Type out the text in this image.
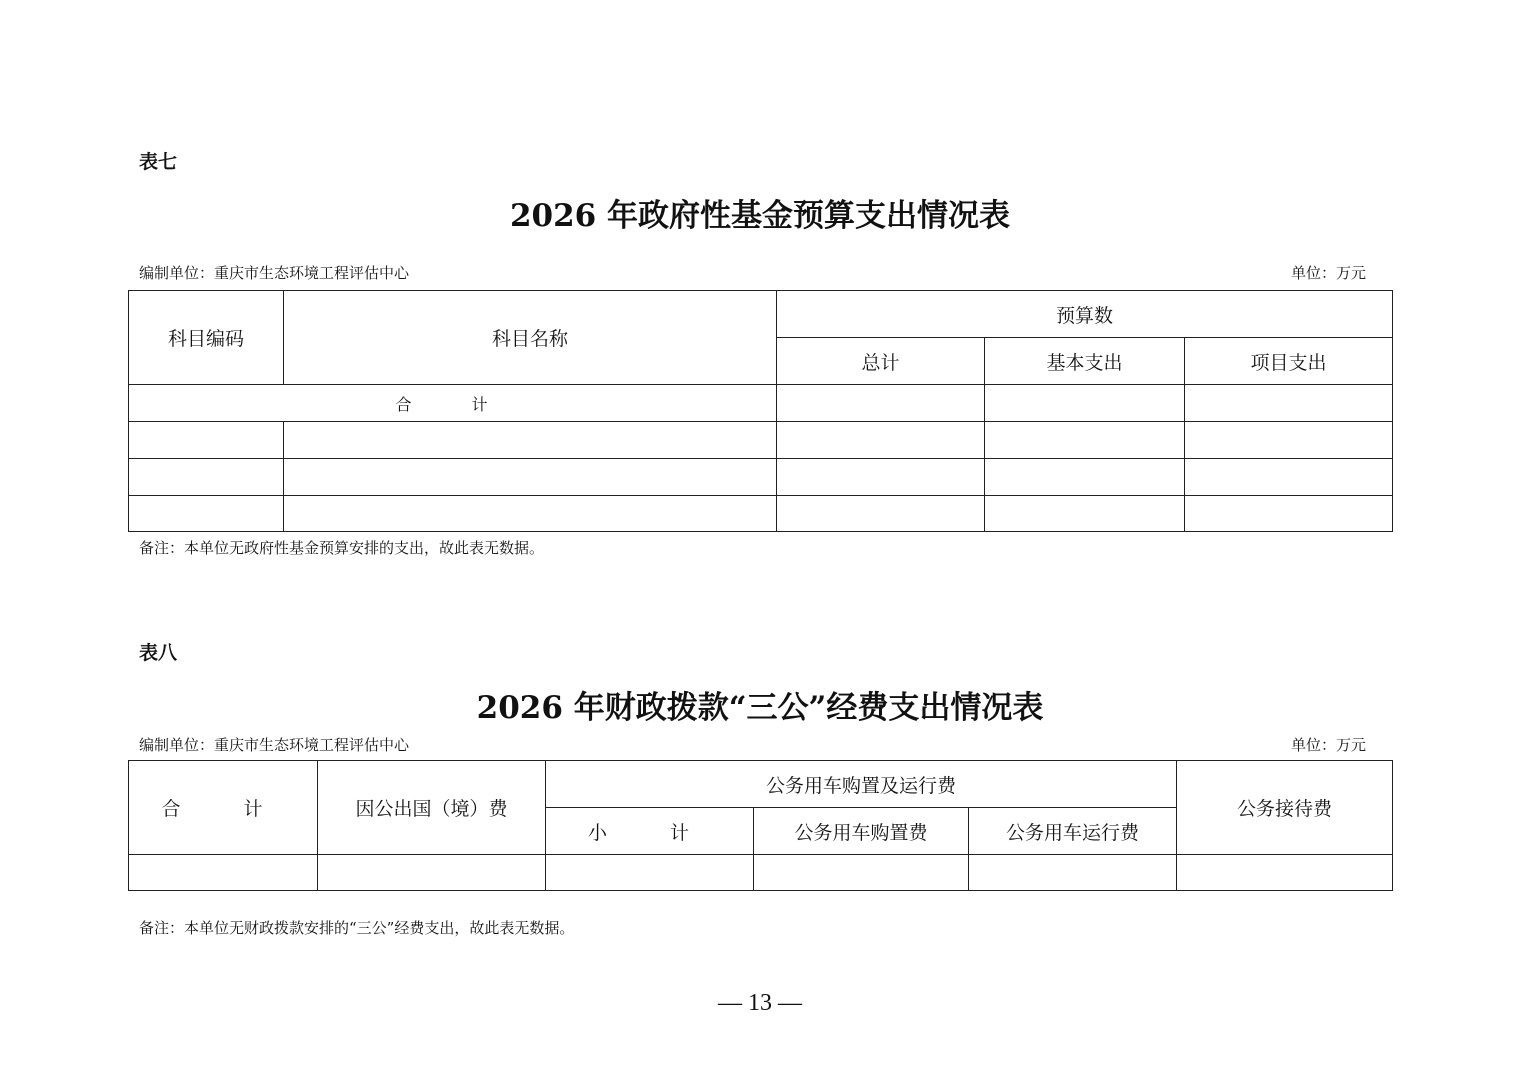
表七
2026 年政府性基金预算支出情况表
编制单位：重庆市生态环境工程评估中心	单位：万元
科目编码	科目名称	预算数		
		总计	基本支出	项目支出
合　计				

备注：本单位无政府性基金预算安排的支出，故此表无数据。
表八
2026 年财政拨款“三公”经费支出情况表
编制单位：重庆市生态环境工程评估中心	单位：万元
合　计	因公出国（境）费	公务用车购置及运行费			公务接待费
		小　计	公务用车购置费	公务用车运行费	

备注：本单位无财政拨款安排的“三公”经费支出，故此表无数据。
— 13 —
